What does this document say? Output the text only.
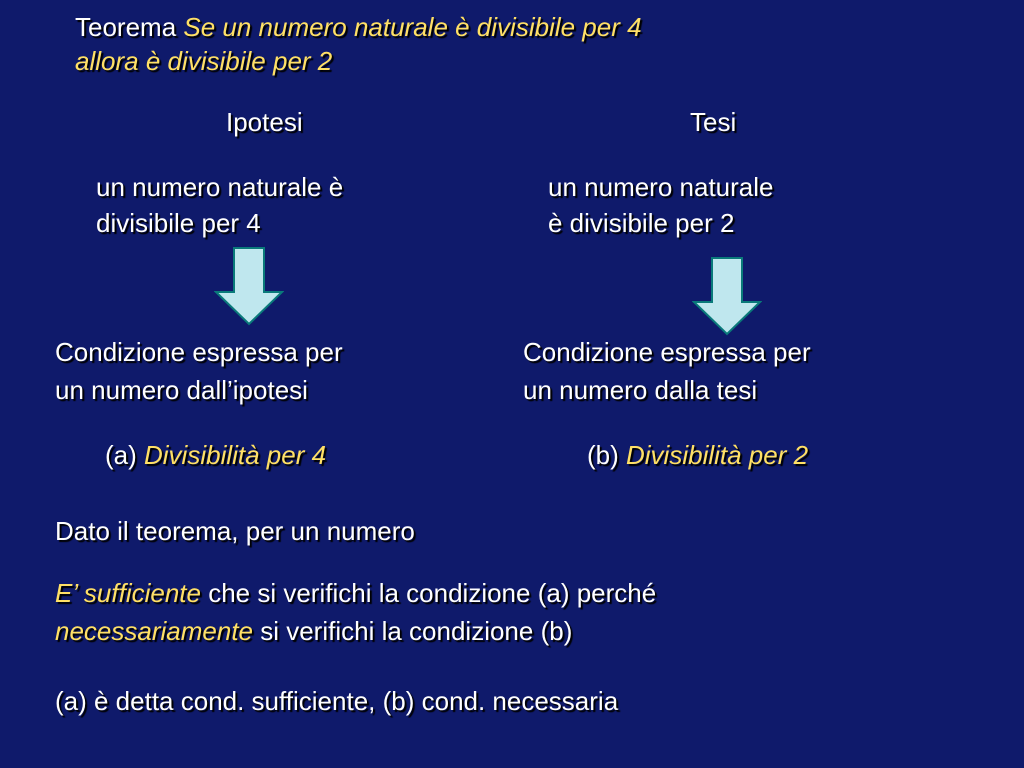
Teorema Se un numero naturale è divisibile per 4
allora è divisibile per 2
Ipotesi	Tesi
un numero naturale è
divisibile per 4
un numero naturale
è divisibile per 2
Condizione espressa per
un numero dall’ipotesi
Condizione espressa per
un numero dalla tesi
(a) Divisibilità per 4	(b) Divisibilità per 2
Dato il teorema, per un numero
E’ sufficiente che si verifichi la condizione (a) perché
necessariamente si verifichi la condizione (b)
(a) è detta cond. sufficiente, (b) cond. necessaria
